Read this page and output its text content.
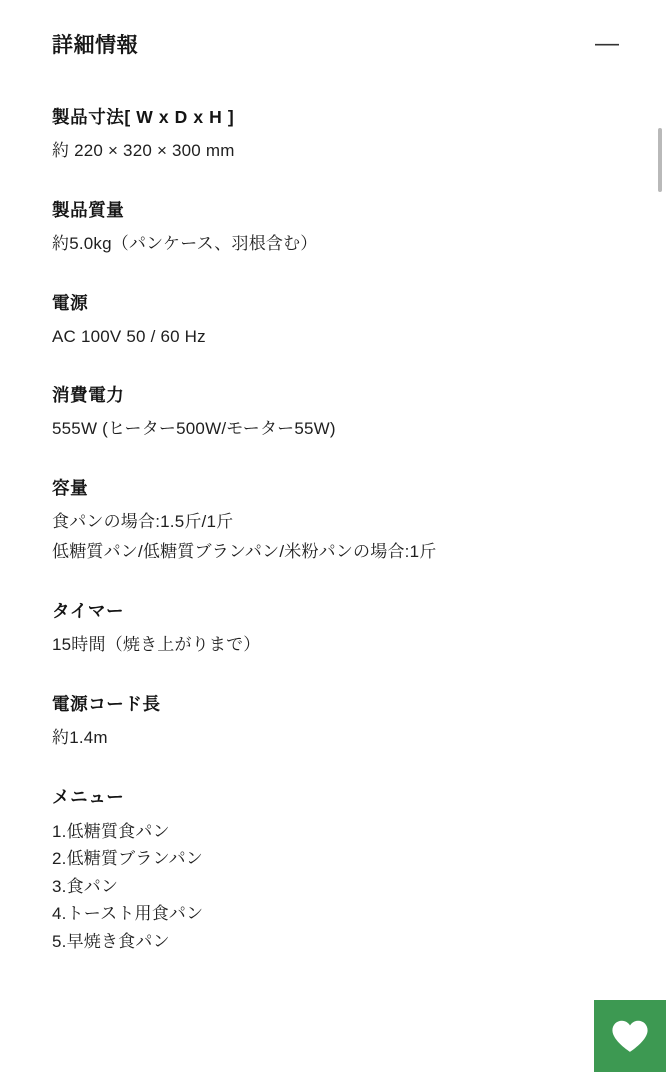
詳細情報	—
製品寸法[ W x D x H ]
約 220 × 320 × 300 mm
製品質量
約5.0kg（パンケース、羽根含む）
電源
AC 100V 50 / 60 Hz
消費電力
555W (ヒーター500W/モーター55W)
容量
食パンの場合:1.5斤/1斤
低糖質パン/低糖質ブランパン/米粉パンの場合:1斤
タイマー
15時間（焼き上がりまで）
電源コード長
約1.4m
メニュー
1.低糖質食パン
2.低糖質ブランパン
3.食パン
4.トースト用食パン
5.早焼き食パン
